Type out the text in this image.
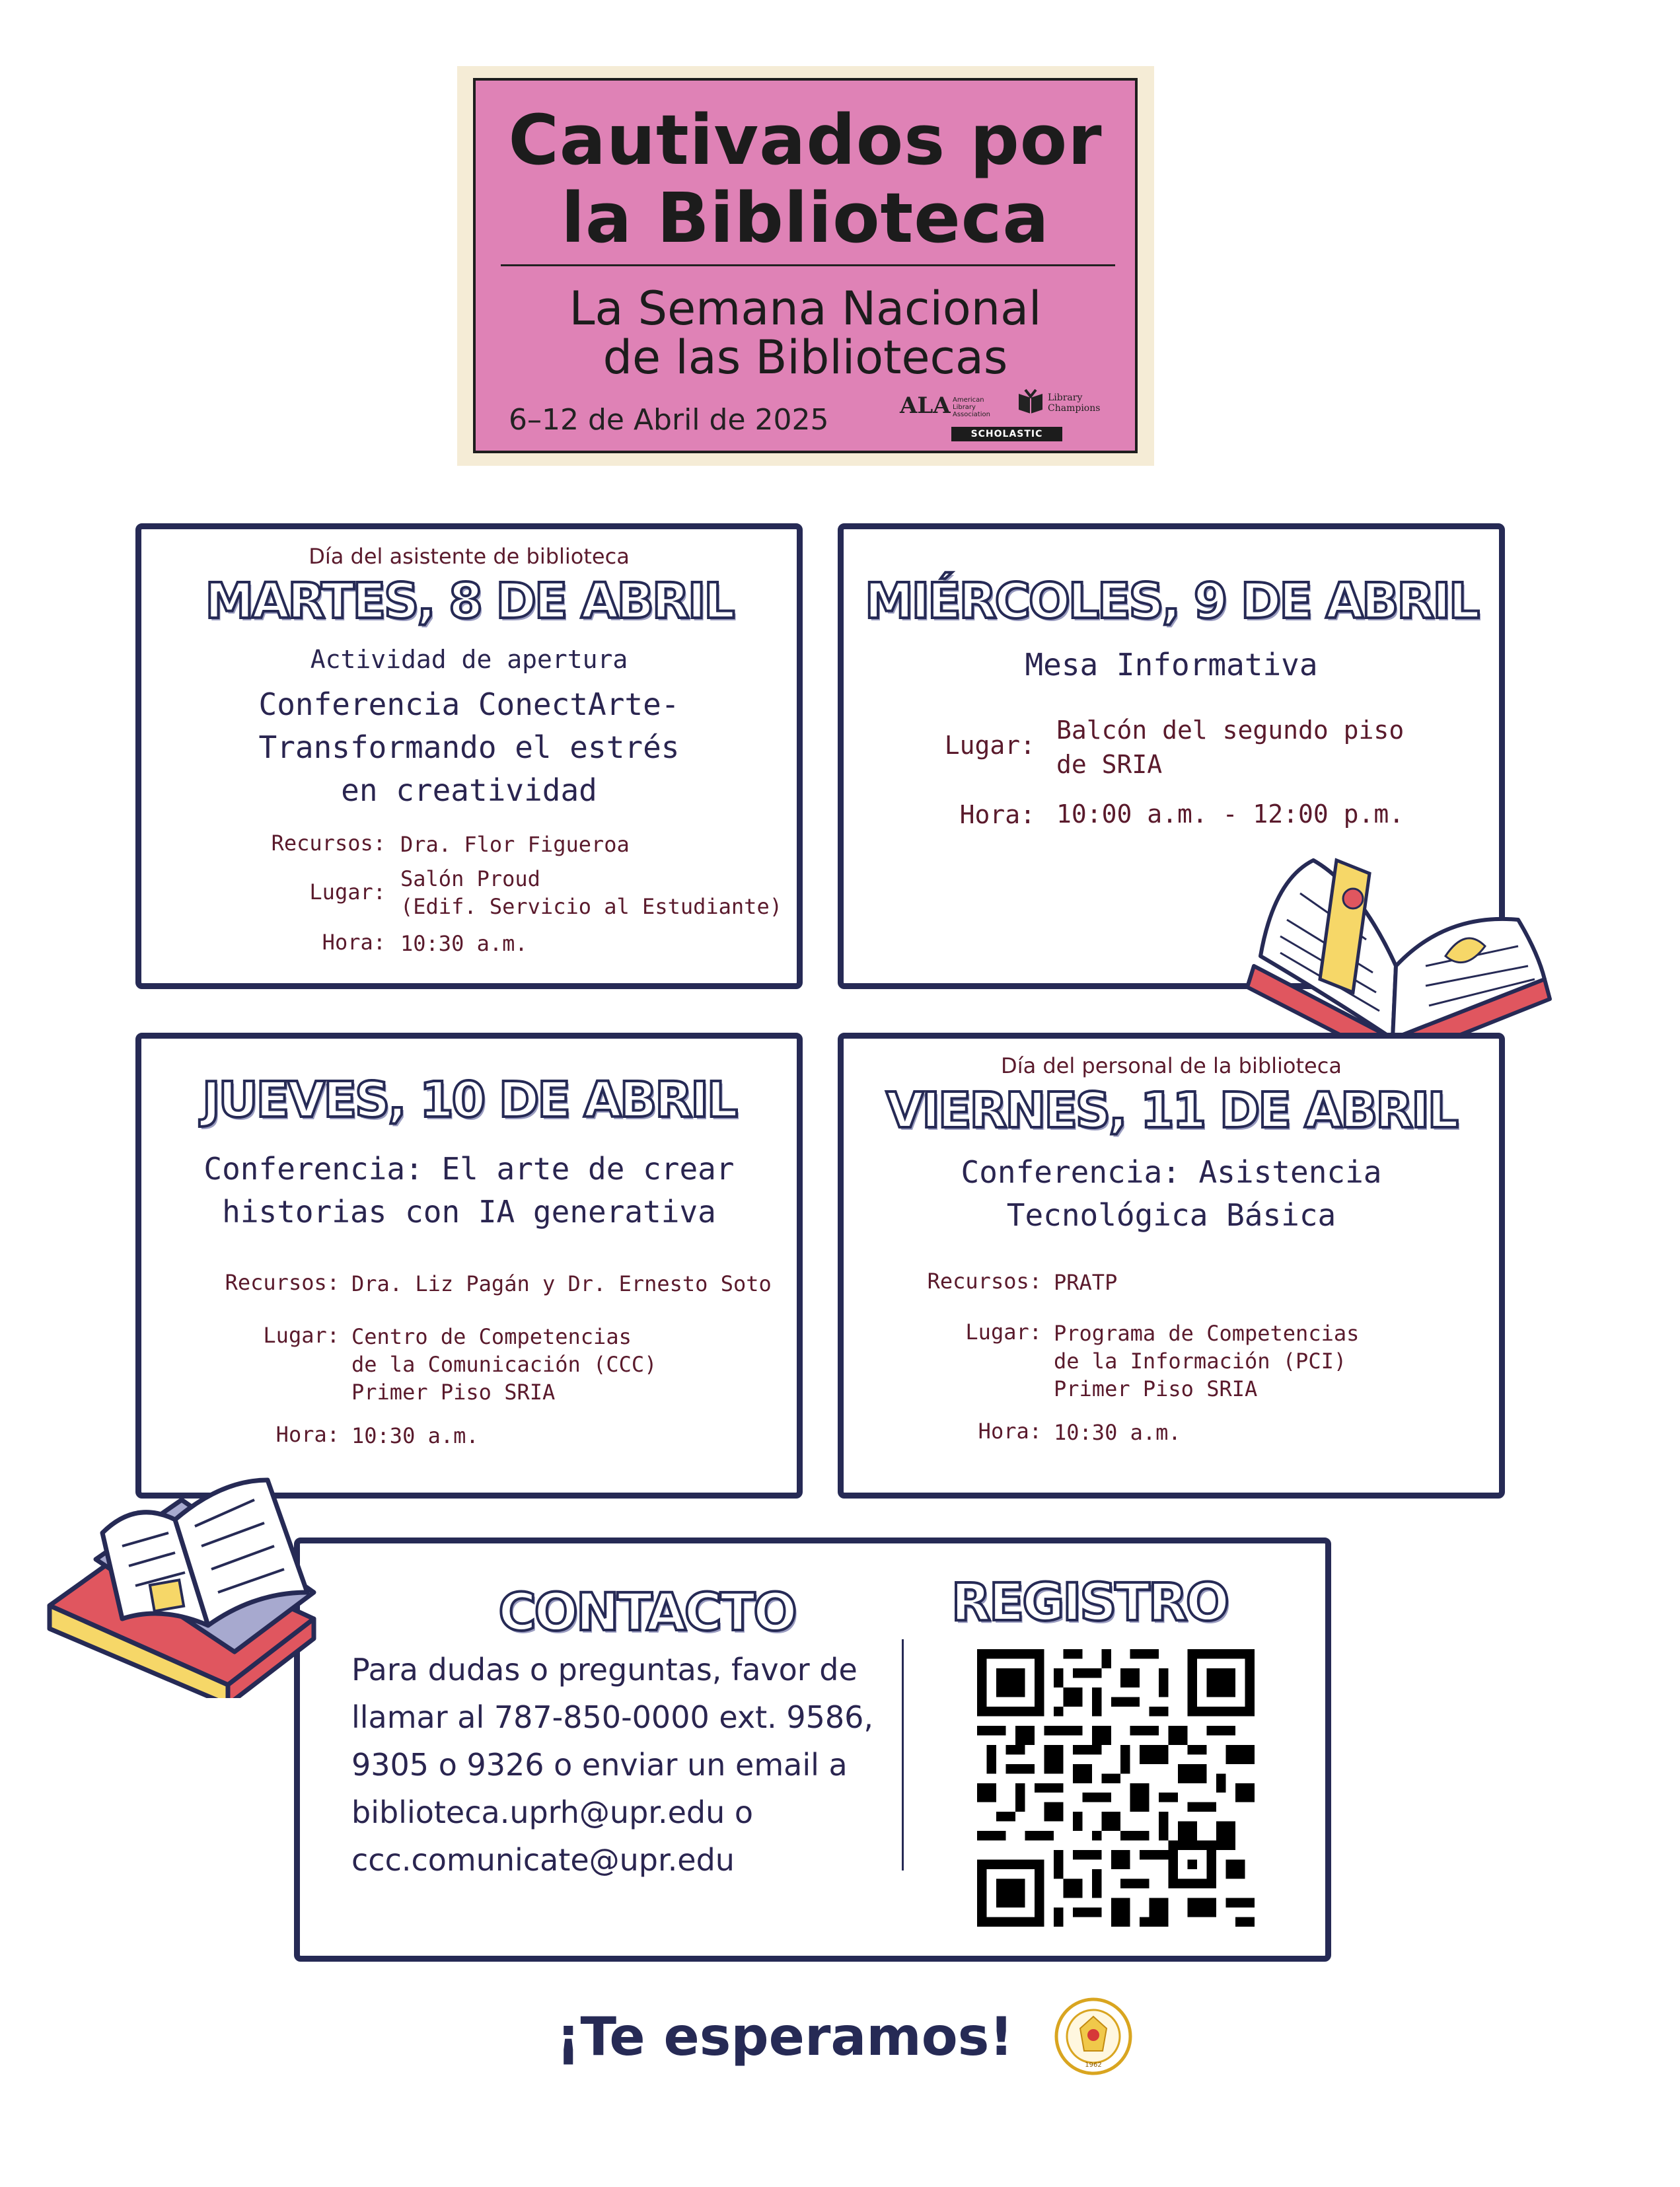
Cautivados por
la Biblioteca
La Semana Nacional
de las Bibliotecas
6–12 de Abril de 2025	ALA American Library Association
Library Champions
SCHOLASTIC
Día del asistente de biblioteca
MARTES, 8 DE ABRIL
Actividad de apertura
Conferencia ConectArte-
Transformando el estrés
en creatividad
Recursos: Dra. Flor Figueroa
Lugar:
Salón Proud
(Edif. Servicio al Estudiante)
Hora: 10:30 a.m.
MIÉRCOLES, 9 DE ABRIL
Mesa Informativa
Lugar:
Balcón del segundo piso
de SRIA
Hora: 10:00 a.m. - 12:00 p.m.
JUEVES, 10 DE ABRIL
Conferencia: El arte de crear
historias con IA generativa
Recursos: Dra. Liz Pagán y Dr. Ernesto Soto
Lugar: Centro de Competencias
de la Comunicación (CCC)
Primer Piso SRIA
Hora: 10:30 a.m.
Día del personal de la biblioteca
VIERNES, 11 DE ABRIL
Conferencia: Asistencia
Tecnológica Básica
Recursos: PRATP
Lugar: Programa de Competencias
de la Información (PCI)
Primer Piso SRIA
Hora: 10:30 a.m.
CONTACTO
Para dudas o preguntas, favor de llamar al 787-850-0000 ext. 9586, 9305 o 9326 o enviar un email a biblioteca.uprh@upr.edu o ccc.comunicate@upr.edu
REGISTRO
¡Te esperamos!	1962
